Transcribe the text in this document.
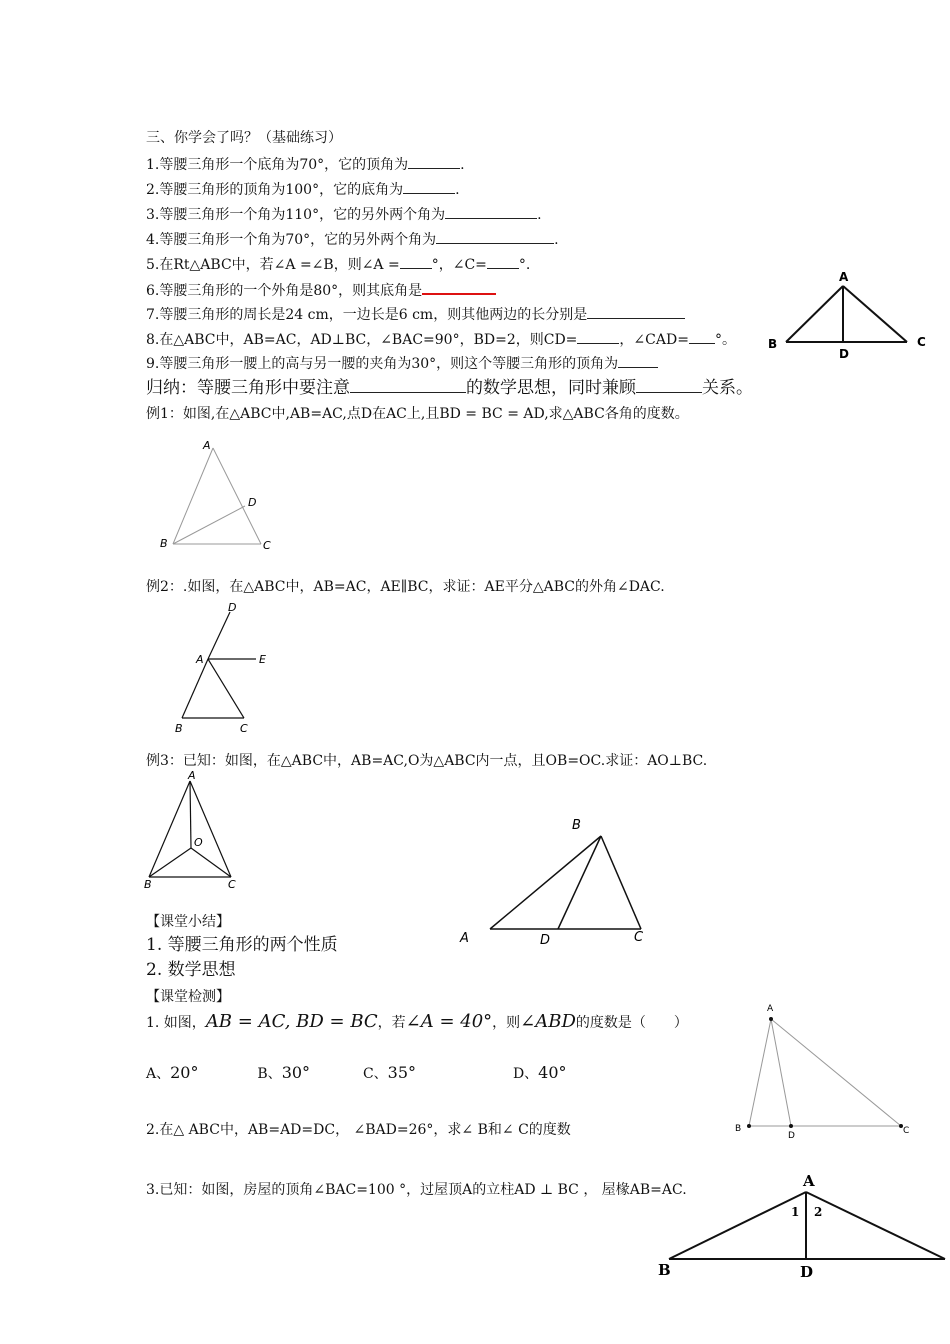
三、你学会了吗？（基础练习）
1.等腰三角形一个底角为70°，它的顶角为	.
2.等腰三角形的顶角为100°，它的底角为	.
3.等腰三角形一个角为110°，它的另外两个角为	.
4.等腰三角形一个角为70°，它的另外两个角为	.
5.在Rt△ABC中，若∠A =∠B，则∠A = °，∠C= °.
6.等腰三角形的一个外角是80°，则其底角是
7.等腰三角形的周长是24 cm，一边长是6 cm，则其他两边的长分别是
8.在△ABC中，AB=AC，AD⊥BC，∠BAC=90°，BD=2，则CD=	，∠CAD= °。
9.等腰三角形一腰上的高与另一腰的夹角为30°，则这个等腰三角形的顶角为
归纳：等腰三角形中要注意	的数学思想，同时兼顾	关系。
例1：如图,在△ABC中,AB=AC,点D在AC上,且BD = BC = AD,求△ABC各角的度数。
例2：.如图，在△ABC中，AB=AC，AE∥BC，求证：AE平分△ABC的外角∠DAC.
例3：已知：如图，在△ABC中，AB=AC,O为△ABC内一点，且OB=OC.求证：AO⊥BC.
【课堂小结】
1. 等腰三角形的两个性质
2. 数学思想
【课堂检测】
1. 如图，AB = AC, BD = BC，若∠A = 40°，则∠ABD的度数是（　　）
A、20°	B、30°	C、35°	D、40°
2.在△ ABC中，AB=AD=DC， ∠BAD=26°，求∠ B和∠ C的度数
3.已知：如图，房屋的顶角∠BAC=100 °，过屋顶A的立柱AD ⊥ BC ， 屋椽AB=AC.
A
B	C
D
A
B	C
D
D
A	E
B	C
A
O
B	C
B
A	D	C
A
B
D	C
A
B	D
1 2
